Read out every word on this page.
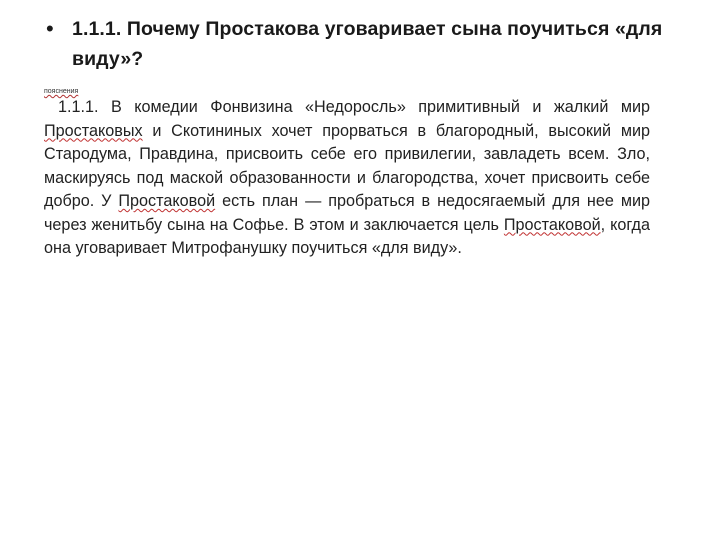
• 1.1.1. Почему Простакова уговаривает сына поучиться «для виду»?
пояснения
1.1.1. В комедии Фонвизина «Недоросль» примитивный и жалкий мир Простаковых и Скотининых хочет прорваться в благородный, высокий мир Стародума, Правдина, присвоить себе его привилегии, завладеть всем. Зло, маскируясь под маской образованности и благородства, хочет присвоить себе добро. У Простаковой есть план — пробраться в недосягаемый для нее мир через женитьбу сына на Софье. В этом и заключается цель Простаковой, когда она уговаривает Митрофанушку поучиться «для виду».
